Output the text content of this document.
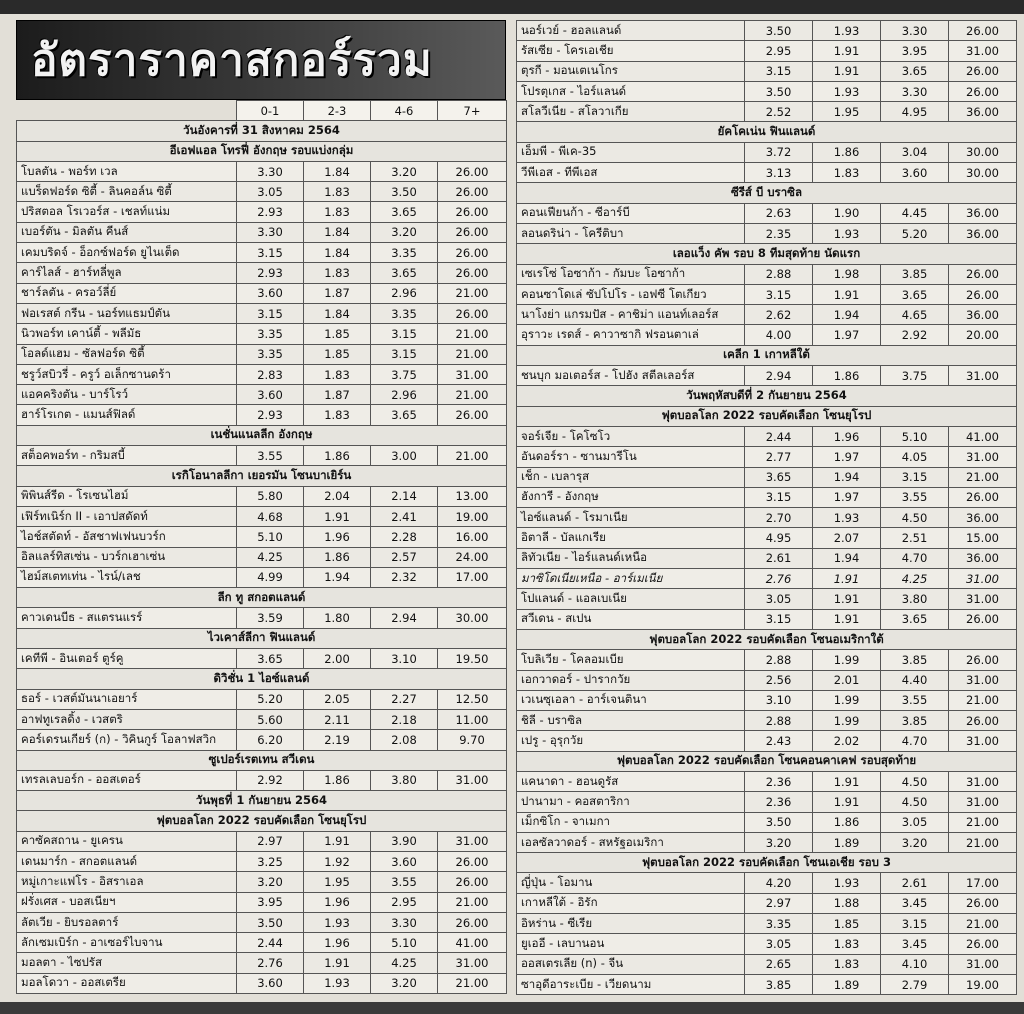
อัตราราคาสกอร์รวม
	0-1	2-3	4-6	7+
วันอังคารที่ 31 สิงหาคม 2564				
อีเอฟแอล โทรฟี่ อังกฤษ รอบแบ่งกลุ่ม				
โบลตัน - พอร์ท เวล	3.30	1.84	3.20	26.00
แบร็ดฟอร์ด ซิตี้ - ลินคอล์น ซิตี้	3.05	1.83	3.50	26.00
ปริสตอล โรเวอร์ส - เชลท์แน่ม	2.93	1.83	3.65	26.00
เบอร์ตัน - มิลตัน คีนส์	3.30	1.84	3.20	26.00
เคมบริดจ์ - อ็อกซ์ฟอร์ด ยูไนเต็ด	3.15	1.84	3.35	26.00
คาร์ไลส์ - ฮาร์ทลี่พูล	2.93	1.83	3.65	26.00
ชาร์ลตัน - ครอว์ลี่ย์	3.60	1.87	2.96	21.00
ฟอเรสต์ กรีน - นอร์ทแธมป์ตัน	3.15	1.84	3.35	26.00
นิวพอร์ท เคาน์ตี้ - พลีมัธ	3.35	1.85	3.15	21.00
โอลด์แฮม - ซัลฟอร์ด ซิตี้	3.35	1.85	3.15	21.00
ชรูว์สบิวรี่ - ครูว์ อเล็กซานดร้า	2.83	1.83	3.75	31.00
แอคคริงตัน - บาร์โรว์	3.60	1.87	2.96	21.00
ฮาร์โรเกต - แมนส์ฟิลด์	2.93	1.83	3.65	26.00
เนชั่นแนลลีก อังกฤษ				
สต็อคพอร์ท - กริมสบี้	3.55	1.86	3.00	21.00
เรกิโอนาลลีกา เยอรมัน โซนบาเยิร์น				
พิพินส์รีด - โรเซนไฮม์	5.80	2.04	2.14	13.00
เฟิร์ทเนิร์ก II - เอาปสดัดท์	4.68	1.91	2.41	19.00
ไอช์สตัดท์ - อัสชาฟเฟนบวร์ก	5.10	1.96	2.28	16.00
อิลแลร์ทิสเซ่น - บวร์กเฮาเซ่น	4.25	1.86	2.57	24.00
ไฮม์สเตทเท่น - ไรน์/เลช	4.99	1.94	2.32	17.00
ลีก ทู สกอตแลนด์				
คาวเดนบีธ - สแตรนแรร์	3.59	1.80	2.94	30.00
ไวเคาส์ลีกา ฟินแลนด์				
เคทีพี - อินเตอร์ ตูร์คู	3.65	2.00	3.10	19.50
ดิวิชั่น 1 ไอซ์แลนด์				
ธอร์ - เวสต์มันนาเอยาร์	5.20	2.05	2.27	12.50
อาฟทูเรลดิ้ง - เวสตริ	5.60	2.11	2.18	11.00
คอร์เดรนเกียร์ (ก) - วิคินกูร์ โอลาฟสวิก	6.20	2.19	2.08	9.70
ซูเปอร์เรตเทน สวีเดน				
เทรลเลบอร์ก - ออสเตอร์	2.92	1.86	3.80	31.00
วันพุธที่ 1 กันยายน 2564				
ฟุตบอลโลก 2022 รอบคัดเลือก โซนยุโรป				
คาซัคสถาน - ยูเครน	2.97	1.91	3.90	31.00
เดนมาร์ก - สกอตแลนด์	3.25	1.92	3.60	26.00
หมู่เกาะแฟโร - อิสราเอล	3.20	1.95	3.55	26.00
ฝรั่งเศส - บอสเนียฯ	3.95	1.96	2.95	21.00
ลัตเวีย - ยิบรอลตาร์	3.50	1.93	3.30	26.00
ลักเซมเบิร์ก - อาเซอร์ไบจาน	2.44	1.96	5.10	41.00
มอลตา - ไซปรัส	2.76	1.91	4.25	31.00
มอลโดวา - ออสเตรีย	3.60	1.93	3.20	21.00
นอร์เวย์ - ฮอลแลนด์	3.50	1.93	3.30	26.00
รัสเซีย - โครเอเชีย	2.95	1.91	3.95	31.00
ตุรกี - มอนเตเนโกร	3.15	1.91	3.65	26.00
โปรตุเกส - ไอร์แลนด์	3.50	1.93	3.30	26.00
สโลวีเนีย - สโลวาเกีย	2.52	1.95	4.95	36.00
ยัคโคเน่น ฟินแลนด์				
เอ็มพี - พีเค-35	3.72	1.86	3.04	30.00
วีพีเอส - ทีพีเอส	3.13	1.83	3.60	30.00
ซีรีส์ บี บราซิล				
คอนเฟียนก้า - ซีอาร์บี	2.63	1.90	4.45	36.00
ลอนดริน่า - โครีติบา	2.35	1.93	5.20	36.00
เลอแว็ง คัพ รอบ 8 ทีมสุดท้าย นัดแรก				
เซเรโซ่ โอซาก้า - กัมบะ โอซาก้า	2.88	1.98	3.85	26.00
คอนซาโดเล่ ซัปโปโร - เอฟซี โตเกียว	3.15	1.91	3.65	26.00
นาโงย่า แกรมปัส - คาชิม่า แอนท์เลอร์ส	2.62	1.94	4.65	36.00
อุราวะ เรดส์ - คาวาซากิ ฟรอนตาเล่	4.00	1.97	2.92	20.00
เคลีก 1 เกาหลีใต้				
ชนบุก มอเตอร์ส - โปฮัง สตีลเลอร์ส	2.94	1.86	3.75	31.00
วันพฤหัสบดีที่ 2 กันยายน 2564				
ฟุตบอลโลก 2022 รอบคัดเลือก โซนยุโรป				
จอร์เจีย - โคโซโว	2.44	1.96	5.10	41.00
อันดอร์รา - ซานมารีโน	2.77	1.97	4.05	31.00
เช็ก - เบลารุส	3.65	1.94	3.15	21.00
ฮังการี - อังกฤษ	3.15	1.97	3.55	26.00
ไอซ์แลนด์ - โรมาเนีย	2.70	1.93	4.50	36.00
อิตาลี - บัลแกเรีย	4.95	2.07	2.51	15.00
ลิทัวเนีย - ไอร์แลนด์เหนือ	2.61	1.94	4.70	36.00
มาซิโดเนียเหนือ - อาร์เมเนีย	2.76	1.91	4.25	31.00
โปแลนด์ - แอลเบเนีย	3.05	1.91	3.80	31.00
สวีเดน - สเปน	3.15	1.91	3.65	26.00
ฟุตบอลโลก 2022 รอบคัดเลือก โซนอเมริกาใต้				
โบลิเวีย - โคลอมเบีย	2.88	1.99	3.85	26.00
เอกวาดอร์ - ปารากวัย	2.56	2.01	4.40	31.00
เวเนซุเอลา - อาร์เจนตินา	3.10	1.99	3.55	21.00
ชิลี - บราซิล	2.88	1.99	3.85	26.00
เปรู - อุรุกวัย	2.43	2.02	4.70	31.00
ฟุตบอลโลก 2022 รอบคัดเลือก โซนคอนคาเคฟ รอบสุดท้าย				
แคนาดา - ฮอนดูรัส	2.36	1.91	4.50	31.00
ปานามา - คอสตาริกา	2.36	1.91	4.50	31.00
เม็กซิโก - จาเมกา	3.50	1.86	3.05	21.00
เอลซัลวาดอร์ - สหรัฐอเมริกา	3.20	1.89	3.20	21.00
ฟุตบอลโลก 2022 รอบคัดเลือก โซนเอเชีย รอบ 3				
ญี่ปุ่น - โอมาน	4.20	1.93	2.61	17.00
เกาหลีใต้ - อิรัก	2.97	1.88	3.45	26.00
อิหร่าน - ซีเรีย	3.35	1.85	3.15	21.00
ยูเออี - เลบานอน	3.05	1.83	3.45	26.00
ออสเตรเลีย (n) - จีน	2.65	1.83	4.10	31.00
ซาอุดีอาระเบีย - เวียดนาม	3.85	1.89	2.79	19.00
